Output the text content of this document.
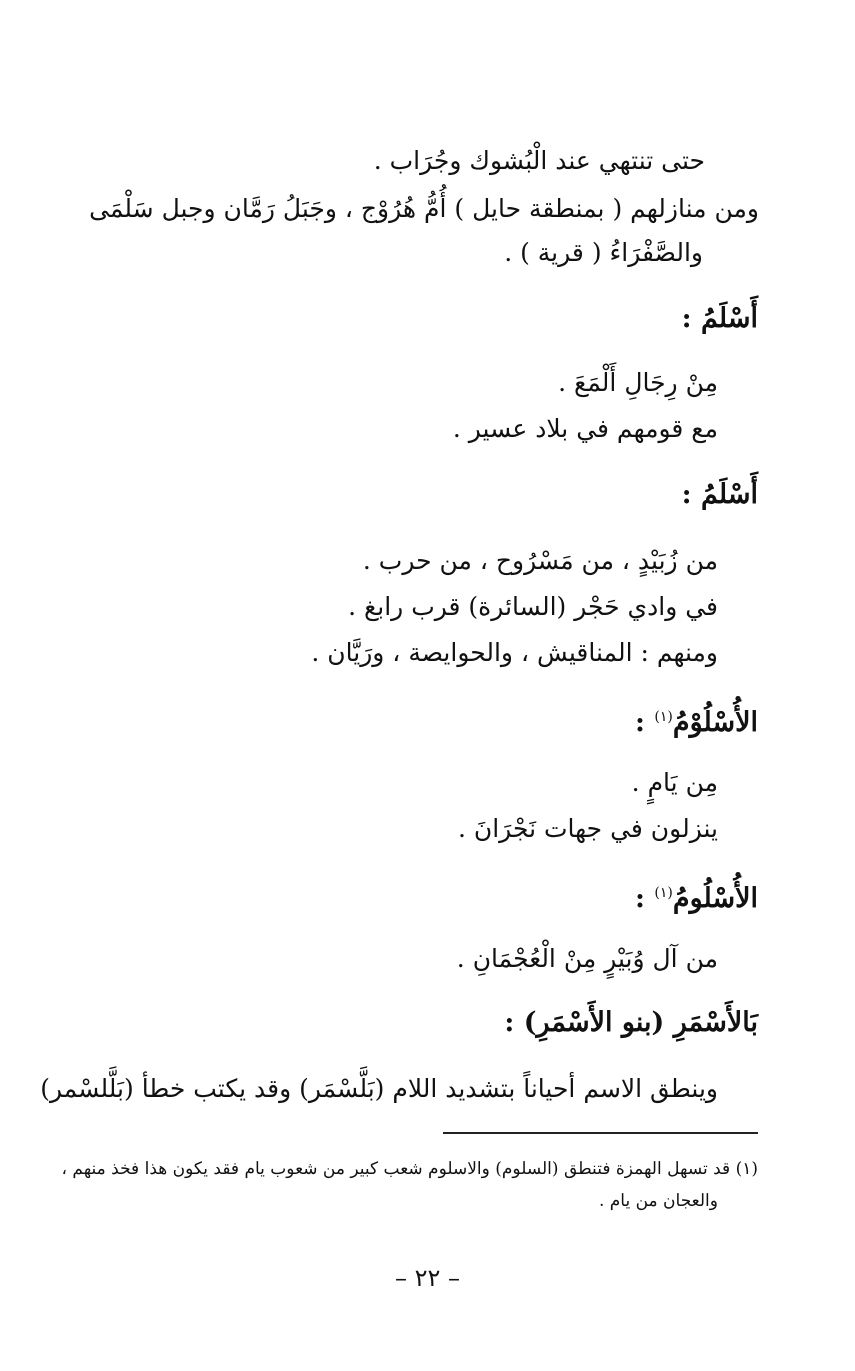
حتى تنتهي عند الْبُشوك وجُرَاب .
ومن منازلهم ( بمنطقة حايل ) أُمُّ هُرُوْج ، وجَبَلُ رَمَّان وجبل سَلْمَى
والصَّفْرَاءُ ( قرية ) .
أَسْلَمُ :
مِنْ رِجَالِ أَلْمَعَ .
مع قومهم في بلاد عسير .
أَسْلَمُ :
من زُبَيْدٍ ، من مَسْرُوح ، من حرب .
في وادي حَجْر (السائرة) قرب رابغ .
ومنهم : المناقيش ، والحوايصة ، ورَيَّان .
الأُسْلُوْمُ$^{(١)}$ :
مِن يَامٍ .
ينزلون في جهات نَجْرَانَ .
الأُسْلُومُ$^{(١)}$ :
من آل وُبَيْرٍ مِنْ الْعُجْمَانِ .
بَالأَسْمَرِ (بنو الأَسْمَرِ) :
وينطق الاسم أحياناً بتشديد اللام (بَلَّسْمَر) وقد يكتب خطأ (بَلَّلسْمر)
(١) قد تسهل الهمزة فتنطق (السلوم) والاسلوم شعب كبير من شعوب يام فقد يكون هذا فخذ منهم ،
والعجان من يام .
– ٢٢ –
